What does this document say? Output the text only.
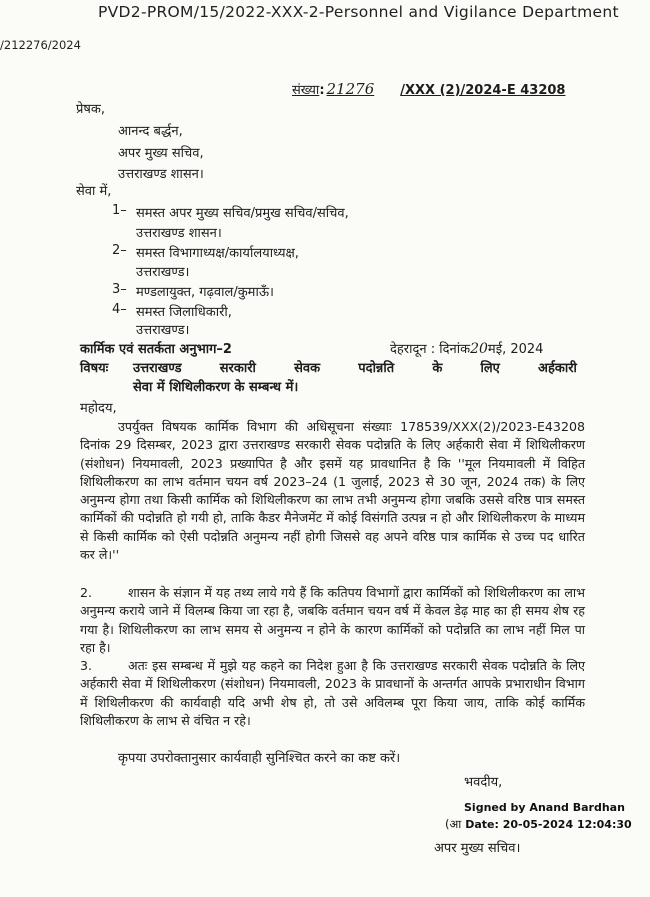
PVD2-PROM/15/2022-XXX-2-Personnel and Vigilance Department
/212276/2024
संख्या: 21276 /XXX (2)/2024-E 43208
प्रेषक,
आनन्द बर्द्धन,
अपर मुख्य सचिव,
उत्तराखण्ड शासन।
सेवा में,
1– समस्त अपर मुख्य सचिव/प्रमुख सचिव/सचिव,
उत्तराखण्ड शासन।
2– समस्त विभागाध्यक्ष/कार्यालयाध्यक्ष,
उत्तराखण्ड।
3– मण्डलायुक्त, गढ़वाल/कुमाऊँ।
4– समस्त जिलाधिकारी,
उत्तराखण्ड।
कार्मिक एवं सतर्कता अनुभाग–2	देहरादून : दिनांक20मई, 2024
विषयः उत्तराखण्ड	सरकारी	सेवक	पदोन्नति	के	लिए	अर्हकारी
सेवा में शिथिलीकरण के सम्बन्ध में।
महोदय,
उपर्युक्त विषयक कार्मिक विभाग की अधिसूचना संख्याः 178539/XXX(2)/2023-E43208 दिनांक 29 दिसम्बर, 2023 द्वारा उत्तराखण्ड सरकारी सेवक पदोन्नति के लिए अर्हकारी सेवा में शिथिलीकरण (संशोधन) नियमावली, 2023 प्रख्यापित है और इसमें यह प्रावधानित है कि ''मूल नियमावली में विहित शिथिलीकरण का लाभ वर्तमान चयन वर्ष 2023–24 (1 जुलाई, 2023 से 30 जून, 2024 तक) के लिए अनुमन्य होगा तथा किसी कार्मिक को शिथिलीकरण का लाभ तभी अनुमन्य होगा जबकि उससे वरिष्ठ पात्र समस्त कार्मिकों की पदोन्नति हो गयी हो, ताकि कैडर मैनेजमेंट में कोई विसंगति उत्पन्न न हो और शिथिलीकरण के माध्यम से किसी कार्मिक को ऐसी पदोन्नति अनुमन्य नहीं होगी जिससे वह अपने वरिष्ठ पात्र कार्मिक से उच्च पद धारित कर ले।''
2.	शासन के संज्ञान में यह तथ्य लाये गये हैं कि कतिपय विभागों द्वारा कार्मिकों को शिथिलीकरण का लाभ अनुमन्य कराये जाने में विलम्ब किया जा रहा है, जबकि वर्तमान चयन वर्ष में केवल डेढ़ माह का ही समय शेष रह गया है। शिथिलीकरण का लाभ समय से अनुमन्य न होने के कारण कार्मिकों को पदोन्नति का लाभ नहीं मिल पा रहा है।
3.	अतः इस सम्बन्ध में मुझे यह कहने का निदेश हुआ है कि उत्तराखण्ड सरकारी सेवक पदोन्नति के लिए अर्हकारी सेवा में शिथिलीकरण (संशोधन) नियमावली, 2023 के प्रावधानों के अन्तर्गत आपके प्रभाराधीन विभाग में शिथिलीकरण की कार्यवाही यदि अभी शेष हो, तो उसे अविलम्ब पूरा किया जाय, ताकि कोई कार्मिक शिथिलीकरण के लाभ से वंचित न रहे।
कृपया उपरोक्तानुसार कार्यवाही सुनिश्चित करने का कष्ट करें।
भवदीय,
Signed by Anand Bardhan
(आ Date: 20-05-2024 12:04:30
अपर मुख्य सचिव।
